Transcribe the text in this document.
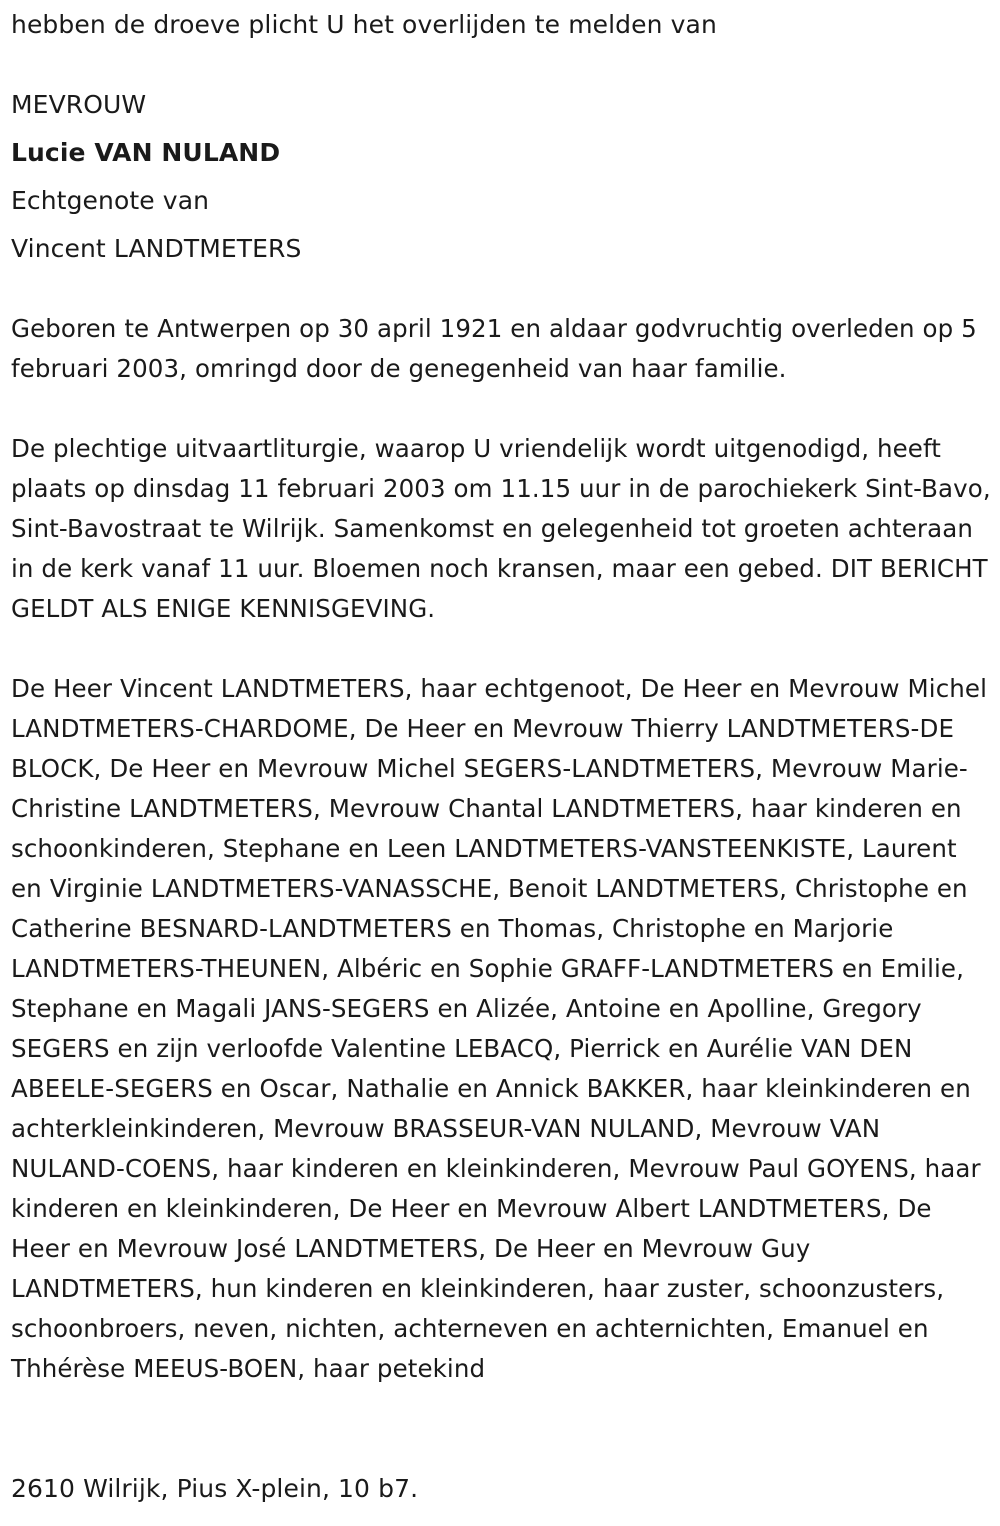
hebben de droeve plicht U het overlijden te melden van
MEVROUW
Lucie VAN NULAND
Echtgenote van
Vincent LANDTMETERS
Geboren te Antwerpen op 30 april 1921 en aldaar godvruchtig overleden op 5 februari 2003, omringd door de genegenheid van haar familie.
De plechtige uitvaartliturgie, waarop U vriendelijk wordt uitgenodigd, heeft plaats op dinsdag 11 februari 2003 om 11.15 uur in de parochiekerk Sint-Bavo, Sint-Bavostraat te Wilrijk. Samenkomst en gelegenheid tot groeten achteraan in de kerk vanaf 11 uur. Bloemen noch kransen, maar een gebed. DIT BERICHT GELDT ALS ENIGE KENNISGEVING.
De Heer Vincent LANDTMETERS, haar echtgenoot, De Heer en Mevrouw Michel LANDTMETERS-CHARDOME, De Heer en Mevrouw Thierry LANDTMETERS-DE BLOCK, De Heer en Mevrouw Michel SEGERS-LANDTMETERS, Mevrouw Marie-Christine LANDTMETERS, Mevrouw Chantal LANDTMETERS, haar kinderen en schoonkinderen, Stephane en Leen LANDTMETERS-VANSTEENKISTE, Laurent en Virginie LANDTMETERS-VANASSCHE, Benoit LANDTMETERS, Christophe en Catherine BESNARD-LANDTMETERS en Thomas, Christophe en Marjorie LANDTMETERS-THEUNEN, Albéric en Sophie GRAFF-LANDTMETERS en Emilie, Stephane en Magali JANS-SEGERS en Alizée, Antoine en Apolline, Gregory SEGERS en zijn verloofde Valentine LEBACQ, Pierrick en Aurélie VAN DEN ABEELE-SEGERS en Oscar, Nathalie en Annick BAKKER, haar kleinkinderen en achterkleinkinderen, Mevrouw BRASSEUR-VAN NULAND, Mevrouw VAN NULAND-COENS, haar kinderen en kleinkinderen, Mevrouw Paul GOYENS, haar kinderen en kleinkinderen, De Heer en Mevrouw Albert LANDTMETERS, De Heer en Mevrouw José LANDTMETERS, De Heer en Mevrouw Guy LANDTMETERS, hun kinderen en kleinkinderen, haar zuster, schoonzusters, schoonbroers, neven, nichten, achterneven en achternichten, Emanuel en Thhérèse MEEUS-BOEN, haar petekind
2610 Wilrijk, Pius X-plein, 10 b7.
